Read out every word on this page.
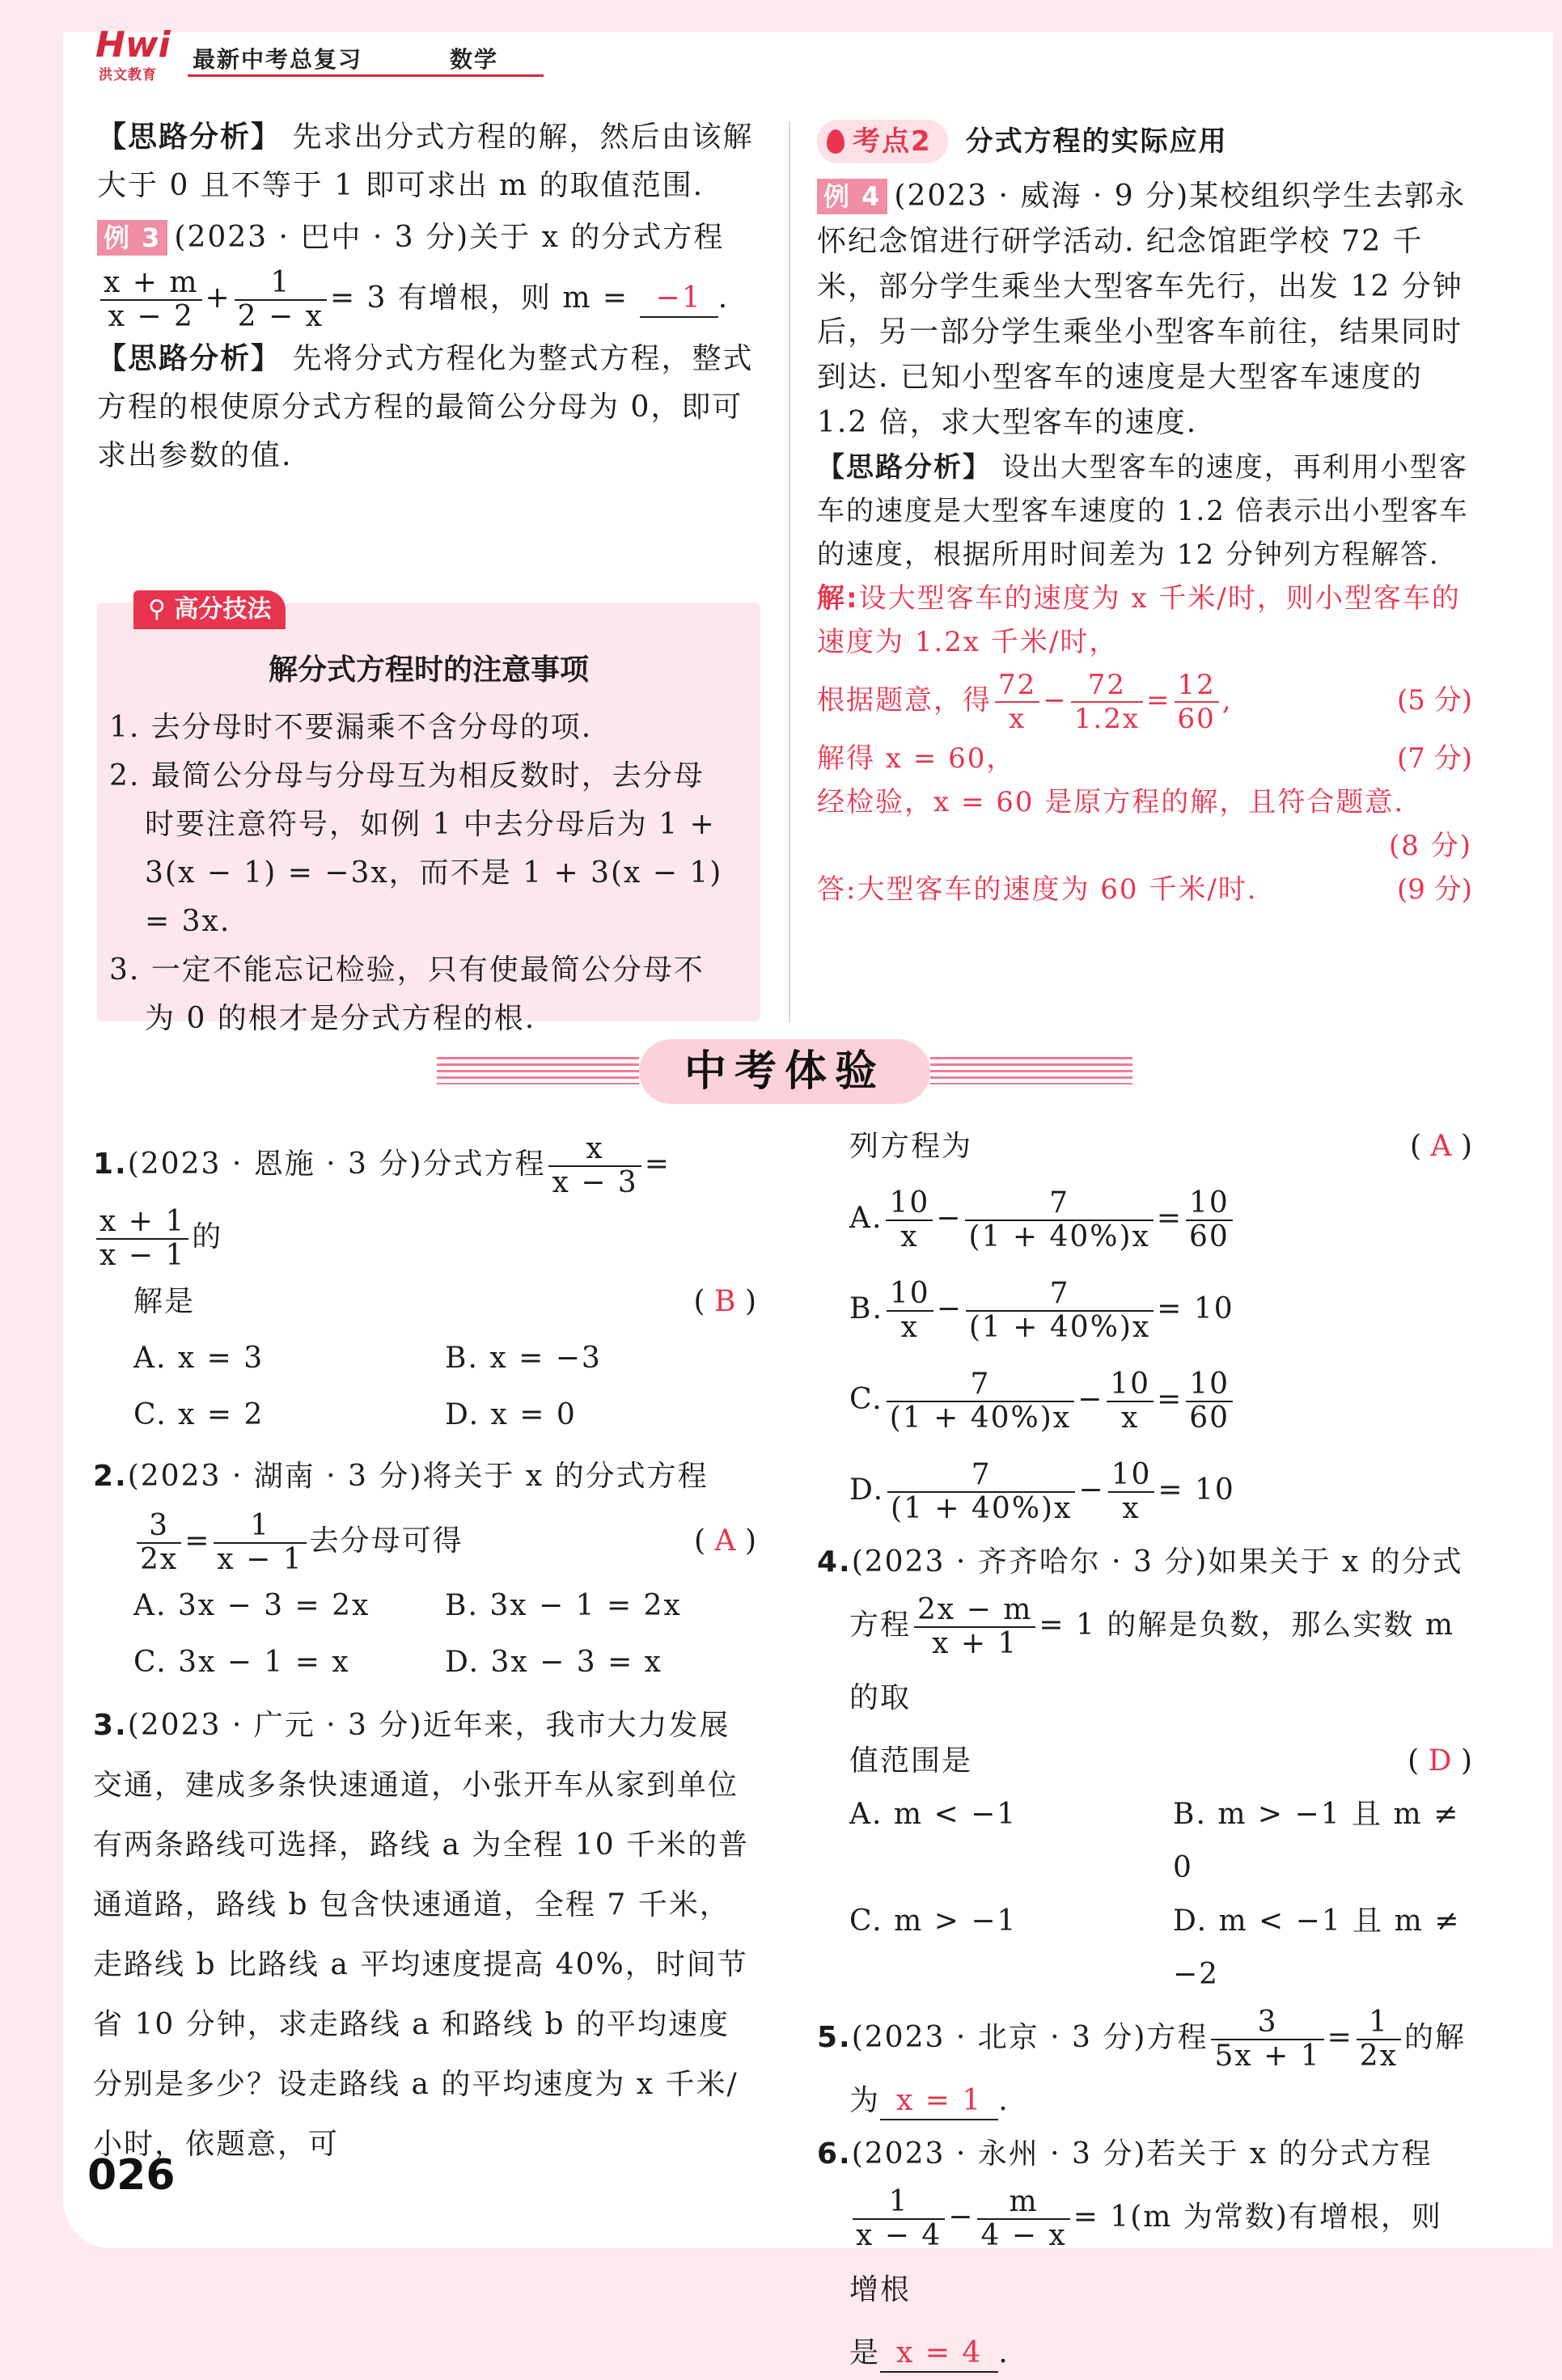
Hwi
洪文教育
最新中考总复习	数学

【思路分析】 先求出分式方程的解，然后由该解大于 0 且不等于 1 即可求出 m 的取值范围.

例 3 (2023 · 巴中 · 3 分)关于 x 的分式方程

$\frac{x + m}{x - 2} + \frac{1}{2 - x} = 3$ 有增根，则 m = −1 .

【思路分析】 先将分式方程化为整式方程，整式方程的根使原分式方程的最简公分母为 0，即可求出参数的值.

⚲ 高分技法
解分式方程时的注意事项

1. 去分母时不要漏乘不含分母的项.

2. 最简公分母与分母互为相反数时，去分母时要注意符号，如例 1 中去分母后为 1 + 3(x − 1) = −3x，而不是 1 + 3(x − 1) = 3x.

3. 一定不能忘记检验，只有使最简公分母不为 0 的根才是分式方程的根.

考点2 分式方程的实际应用

例 4 (2023 · 威海 · 9 分)某校组织学生去郭永怀纪念馆进行研学活动. 纪念馆距学校 72 千米，部分学生乘坐大型客车先行，出发 12 分钟后，另一部分学生乘坐小型客车前往，结果同时到达. 已知小型客车的速度是大型客车速度的 1.2 倍，求大型客车的速度.

【思路分析】 设出大型客车的速度，再利用小型客车的速度是大型客车速度的 1.2 倍表示出小型客车的速度，根据所用时间差为 12 分钟列方程解答.

解:设大型客车的速度为 x 千米/时，则小型客车的速度为 1.2x 千米/时，

根据题意，得 $\frac{72}{x} - \frac{72}{1.2x} = \frac{12}{60}$ ,	(5 分)

解得 x = 60，	(7 分)

经检验，x = 60 是原方程的解，且符合题意.

(8 分)

答:大型客车的速度为 60 千米/时.	(9 分)

中考体验

1.(2023 · 恩施 · 3 分)分式方程 $\frac{x}{x - 3}$ =
$\frac{x + 1}{x - 1}$ 的

解是	( B )

A. x = 3	B. x = −3
C. x = 2	D. x = 0

2.(2023 · 湖南 · 3 分)将关于 x 的分式方程

$\frac{3}{2x} = \frac{1}{x - 1}$ 去分母可得	( A )

A. 3x − 3 = 2x	B. 3x − 1 = 2x
C. 3x − 1 = x	D. 3x − 3 = x

3.(2023 · 广元 · 3 分)近年来，我市大力发展交通，建成多条快速通道，小张开车从家到单位有两条路线可选择，路线 a 为全程 10 千米的普通道路，路线 b 包含快速通道，全程 7 千米，走路线 b 比路线 a 平均速度提高 40%，时间节省 10 分钟，求走路线 a 和路线 b 的平均速度分别是多少？设走路线 a 的平均速度为 x 千米/小时，依题意，可

列方程为	( A )

A. $\frac{10}{x} - \frac{7}{(1 + 40\%)x} = \frac{10}{60}$

B. $\frac{10}{x} - \frac{7}{(1 + 40\%)x} = 10$

C. $\frac{7}{(1 + 40\%)x} - \frac{10}{x} = \frac{10}{60}$

D. $\frac{7}{(1 + 40\%)x} - \frac{10}{x} = 10$

4.(2023 · 齐齐哈尔 · 3 分)如果关于 x 的分式

方程 $\frac{2x - m}{x + 1} = 1$ 的解是负数，那么实数 m 的取

值范围是	( D )

A. m < −1	B. m > −1 且 m ≠ 0
C. m > −1	D. m < −1 且 m ≠ −2

5.(2023 · 北京 · 3 分)方程 $\frac{3}{5x + 1} = \frac{1}{2x}$ 的解

为 x = 1 .

6.(2023 · 永州 · 3 分)若关于 x 的分式方程

$\frac{1}{x - 4} - \frac{m}{4 - x} = 1(m$ 为常数)有增根，则增根

是 x = 4 .

026
